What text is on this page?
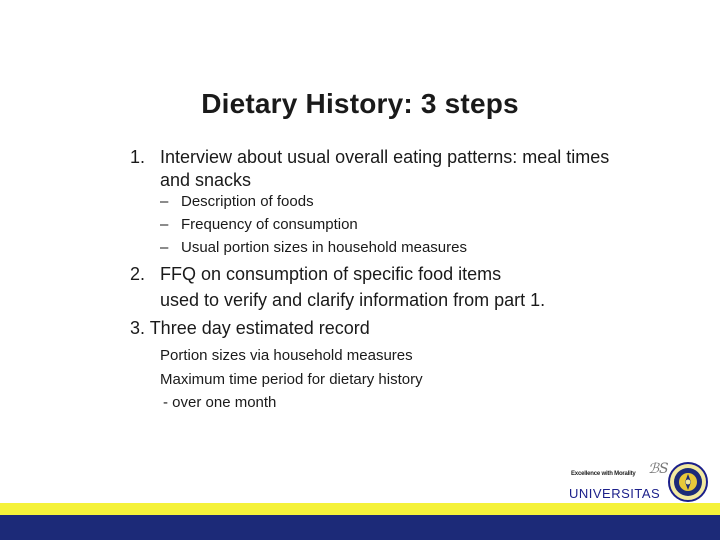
Dietary History: 3 steps
1. Interview about usual overall eating patterns: meal times and snacks
– Description of foods
– Frequency of consumption
– Usual portion sizes in household measures
2. FFQ on consumption of specific food items
used to verify and clarify information from part 1.
3. Three day estimated record
Portion sizes via household measures
Maximum time period for dietary history
- over one month
Excellence with Morality ℬS
UNIVERSITAS
